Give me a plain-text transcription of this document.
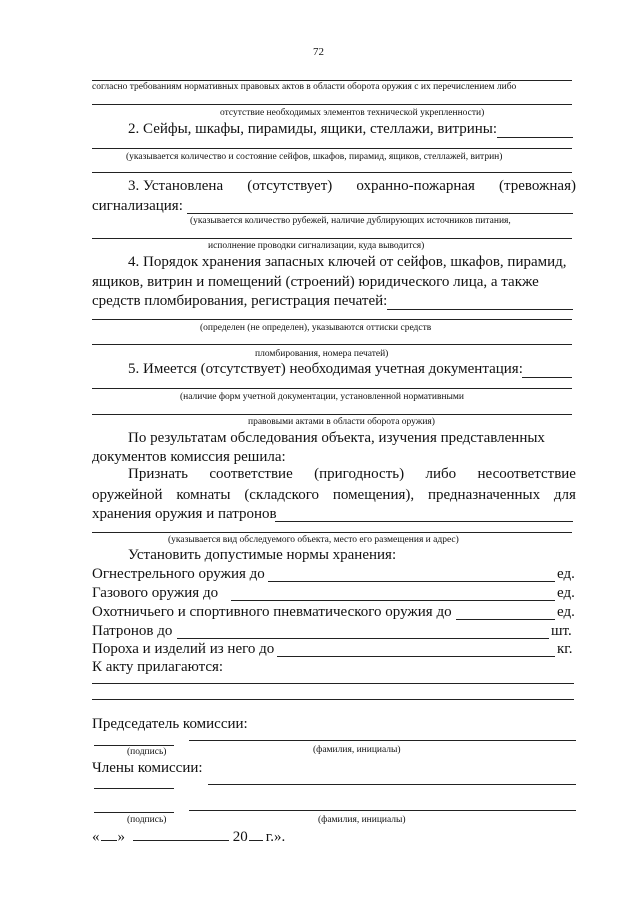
72
согласно требованиям нормативных правовых актов в области оборота оружия с их перечислением либо
отсутствие необходимых элементов технической укрепленности)
2. Сейфы, шкафы, пирамиды, ящики, стеллажи, витрины:
(указывается количество и состояние сейфов, шкафов, пирамид, ящиков, стеллажей, витрин)
3. Установлена (отсутствует) охранно-пожарная (тревожная)
сигнализация:
(указывается количество рубежей, наличие дублирующих источников питания,
исполнение проводки сигнализации, куда выводится)
4. Порядок хранения запасных ключей от сейфов, шкафов, пирамид,
ящиков, витрин и помещений (строений) юридического лица, а также
средств пломбирования, регистрация печатей:
(определен (не определен), указываются оттиски средств
пломбирования, номера печатей)
5. Имеется (отсутствует) необходимая учетная документация:
(наличие форм учетной документации, установленной нормативными
правовыми актами в области оборота оружия)
По результатам обследования объекта, изучения представленных
документов комиссия решила:
Признать соответствие (пригодность) либо несоответствие
оружейной комнаты (складского помещения), предназначенных для
хранения оружия и патронов
(указывается вид обследуемого объекта, место его размещения и адрес)
Установить допустимые нормы хранения:
Огнестрельного оружия до	ед.
Газового оружия до	ед.
Охотничьего и спортивного пневматического оружия до	ед.
Патронов до	шт.
Пороха и изделий из него до	кг.
К акту прилагаются:
Председатель комиссии:
(подпись)	(фамилия, инициалы)
Члены комиссии:
(подпись)	(фамилия, инициалы)
« »	20 г.».
